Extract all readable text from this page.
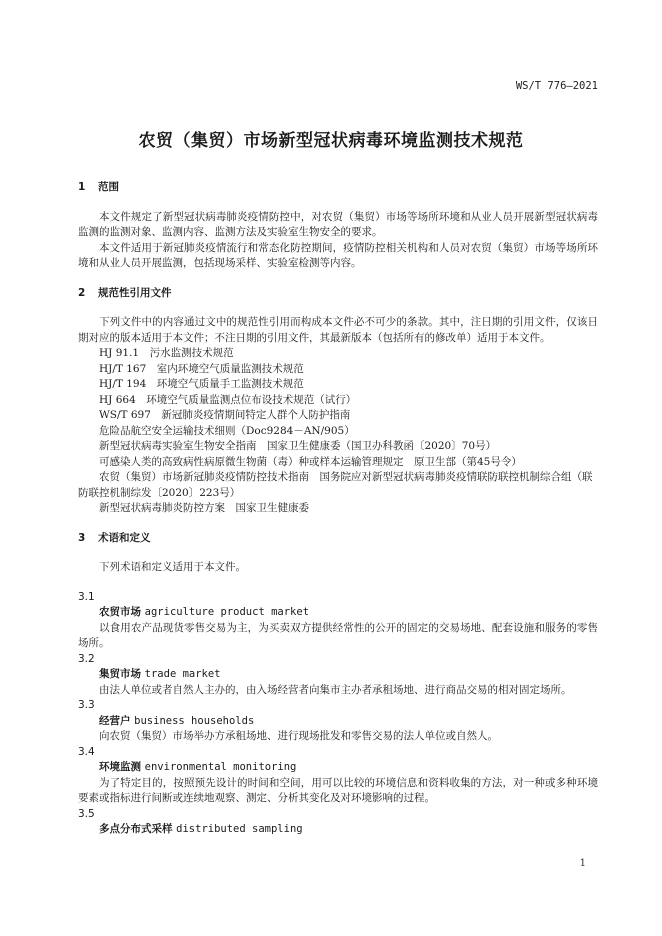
WS/T 776—2021
农贸（集贸）市场新型冠状病毒环境监测技术规范
1 范围

本文件规定了新型冠状病毒肺炎疫情防控中，对农贸（集贸）市场等场所环境和从业人员开展新型冠状病毒监测的监测对象、监测内容、监测方法及实验室生物安全的要求。

本文件适用于新冠肺炎疫情流行和常态化防控期间，疫情防控相关机构和人员对农贸（集贸）市场等场所环境和从业人员开展监测，包括现场采样、实验室检测等内容。

2 规范性引用文件

下列文件中的内容通过文中的规范性引用而构成本文件必不可少的条款。其中，注日期的引用文件，仅该日期对应的版本适用于本文件；不注日期的引用文件，其最新版本（包括所有的修改单）适用于本文件。

HJ 91.1　污水监测技术规范

HJ/T 167　室内环境空气质量监测技术规范

HJ/T 194　环境空气质量手工监测技术规范

HJ 664　环境空气质量监测点位布设技术规范（试行）

WS/T 697　新冠肺炎疫情期间特定人群个人防护指南

危险品航空安全运输技术细则（Doc9284－AN/905）

新型冠状病毒实验室生物安全指南　国家卫生健康委（国卫办科教函〔2020〕70号）

可感染人类的高致病性病原微生物菌（毒）种或样本运输管理规定　原卫生部（第45号令）

农贸（集贸）市场新冠肺炎疫情防控技术指南　国务院应对新型冠状病毒肺炎疫情联防联控机制综合组（联防联控机制综发〔2020〕223号）

新型冠状病毒肺炎防控方案　国家卫生健康委

3 术语和定义

下列术语和定义适用于本文件。

3.1
农贸市场 agriculture product market

以食用农产品现货零售交易为主，为买卖双方提供经常性的公开的固定的交易场地、配套设施和服务的零售场所。

3.2
集贸市场 trade market

由法人单位或者自然人主办的，由入场经营者向集市主办者承租场地、进行商品交易的相对固定场所。

3.3
经营户 business households

向农贸（集贸）市场举办方承租场地、进行现场批发和零售交易的法人单位或自然人。

3.4
环境监测 environmental monitoring

为了特定目的，按照预先设计的时间和空间，用可以比较的环境信息和资料收集的方法，对一种或多种环境要素或指标进行间断或连续地观察、测定、分析其变化及对环境影响的过程。

3.5
多点分布式采样 distributed sampling
1
